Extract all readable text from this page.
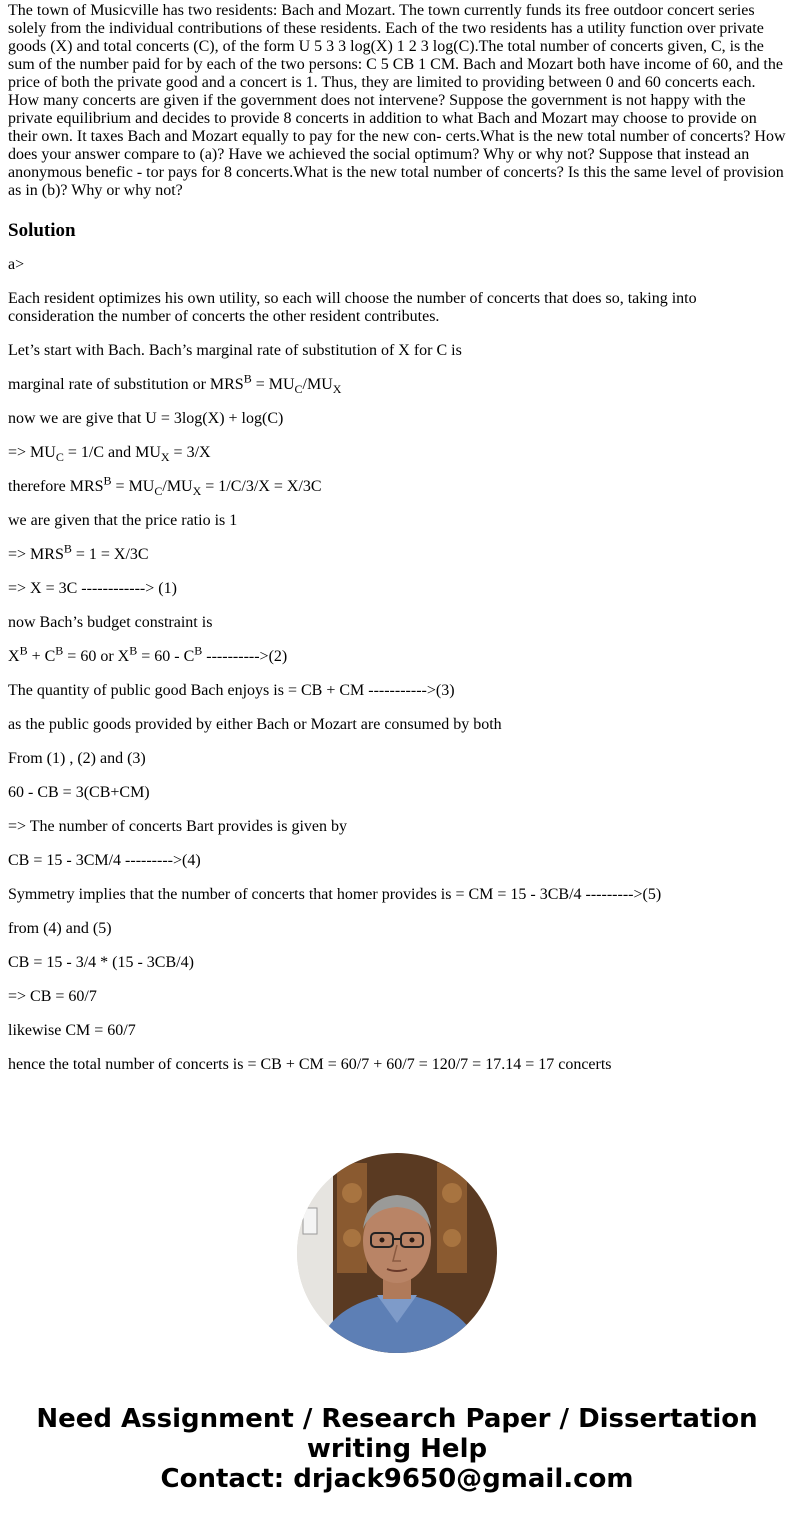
The town of Musicville has two residents: Bach and Mozart. The town currently funds its free outdoor concert series solely from the individual contributions of these residents. Each of the two residents has a utility function over private goods (X) and total concerts (C), of the form U 5 3 3 log(X) 1 2 3 log(C).The total number of concerts given, C, is the sum of the number paid for by each of the two persons: C 5 CB 1 CM. Bach and Mozart both have income of 60, and the price of both the private good and a concert is 1. Thus, they are limited to providing between 0 and 60 concerts each. How many concerts are given if the government does not intervene? Suppose the government is not happy with the private equilibrium and decides to provide 8 concerts in addition to what Bach and Mozart may choose to provide on their own. It taxes Bach and Mozart equally to pay for the new con- certs.What is the new total number of concerts? How does your answer compare to (a)? Have we achieved the social optimum? Why or why not? Suppose that instead an anonymous benefic - tor pays for 8 concerts.What is the new total number of concerts? Is this the same level of provision as in (b)? Why or why not?

Solution

a>

Each resident optimizes his own utility, so each will choose the number of concerts that does so, taking into consideration the number of concerts the other resident contributes.

Let’s start with Bach. Bach’s marginal rate of substitution of X for C is

marginal rate of substitution or $MRS^B = MU_C/MU_X$

now we are give that U = 3log(X) + log(C)

=> $MU_C = 1/C$ and $MU_X = 3/X$

therefore $MRS^B = MU_C/MU_X = 1/C/3/X = X/3C$

we are given that the price ratio is 1

=> $MRS^B = 1 = X/3C$

=> X = 3C ------------> (1)

now Bach’s budget constraint is

$X^B + C^B = 60$ or $X^B = 60 - C^B$ ---------->(2)

The quantity of public good Bach enjoys is = CB + CM ----------->(3)

as the public goods provided by either Bach or Mozart are consumed by both

From (1) , (2) and (3)

60 - CB = 3(CB+CM)

=> The number of concerts Bart provides is given by

CB = 15 - 3CM/4 --------->(4)

Symmetry implies that the number of concerts that homer provides is = CM = 15 - 3CB/4 --------->(5)

from (4) and (5)

CB = 15 - 3/4 * (15 - 3CB/4)

=> CB = 60/7

likewise CM = 60/7

hence the total number of concerts is = CB + CM = 60/7 + 60/7 = 120/7 = 17.14 = 17 concerts

Need Assignment / Research Paper / Dissertation
writing Help
Contact: drjack9650@gmail.com
